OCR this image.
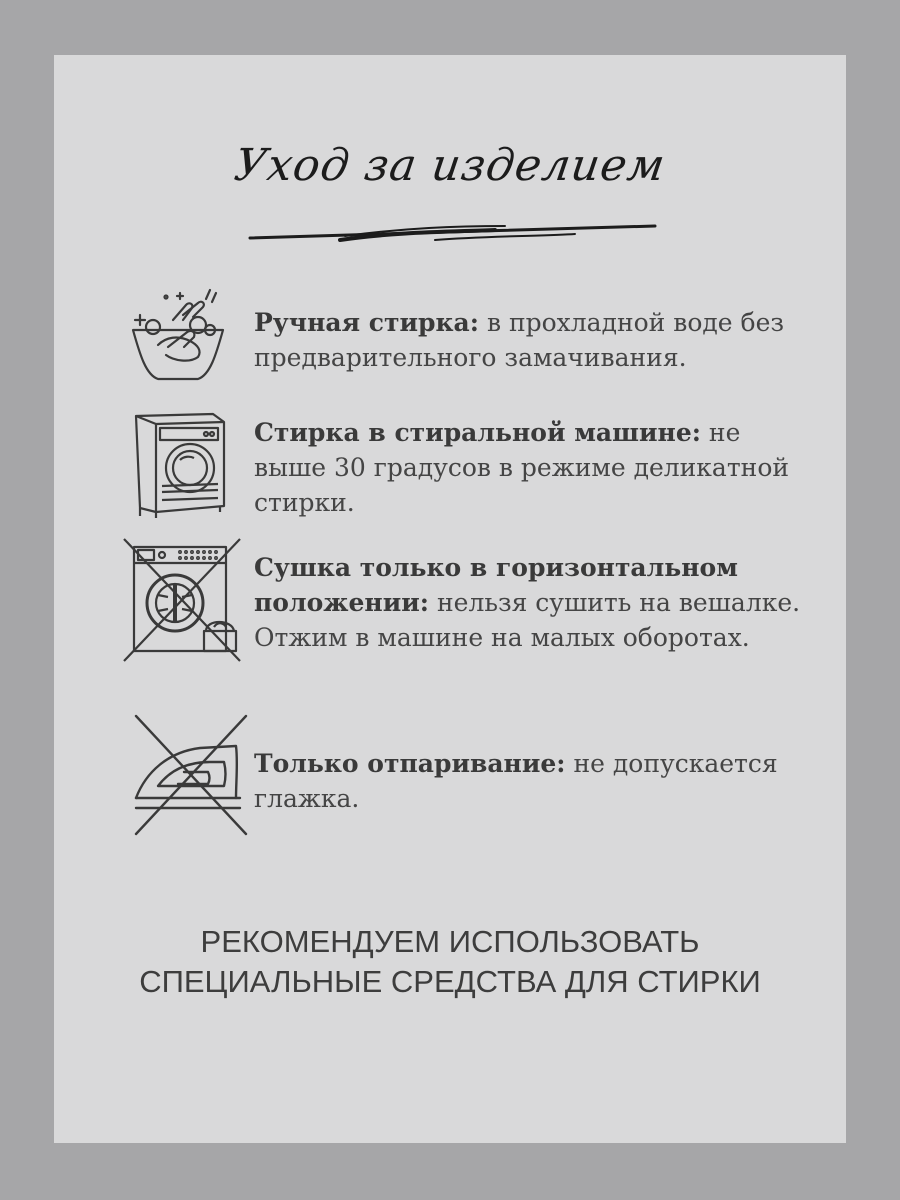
Уход за изделием
Ручная стирка: в прохладной воде без предварительного замачивания.
Стирка в стиральной машине: не выше 30 градусов в режиме деликатной стирки.
Сушка только в горизонтальном положении: нельзя сушить на вешалке. Отжим в машине на малых оборотах.
Только отпаривание: не допускается глажка.
РЕКОМЕНДУЕМ ИСПОЛЬЗОВАТЬ
СПЕЦИАЛЬНЫЕ СРЕДСТВА ДЛЯ СТИРКИ
